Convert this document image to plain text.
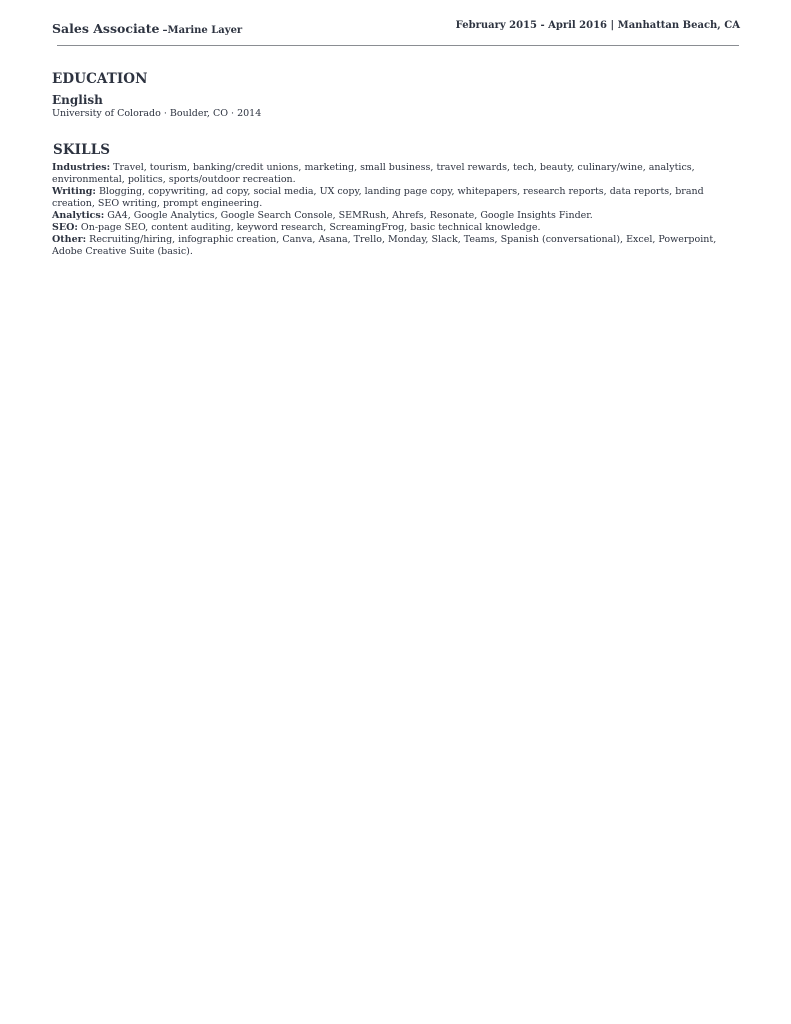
Sales Associate –Marine Layer	February 2015 - April 2016 | Manhattan Beach, CA
EDUCATION
English
University of Colorado · Boulder, CO · 2014
SKILLS

Industries: Travel, tourism, banking/credit unions, marketing, small business, travel rewards, tech, beauty, culinary/wine, analytics, environmental, politics, sports/outdoor recreation.

Writing: Blogging, copywriting, ad copy, social media, UX copy, landing page copy, whitepapers, research reports, data reports, brand creation, SEO writing, prompt engineering.

Analytics: GA4, Google Analytics, Google Search Console, SEMRush, Ahrefs, Resonate, Google Insights Finder.

SEO: On-page SEO, content auditing, keyword research, ScreamingFrog, basic technical knowledge.

Other: Recruiting/hiring, infographic creation, Canva, Asana, Trello, Monday, Slack, Teams, Spanish (conversational), Excel, Powerpoint, Adobe Creative Suite (basic).
